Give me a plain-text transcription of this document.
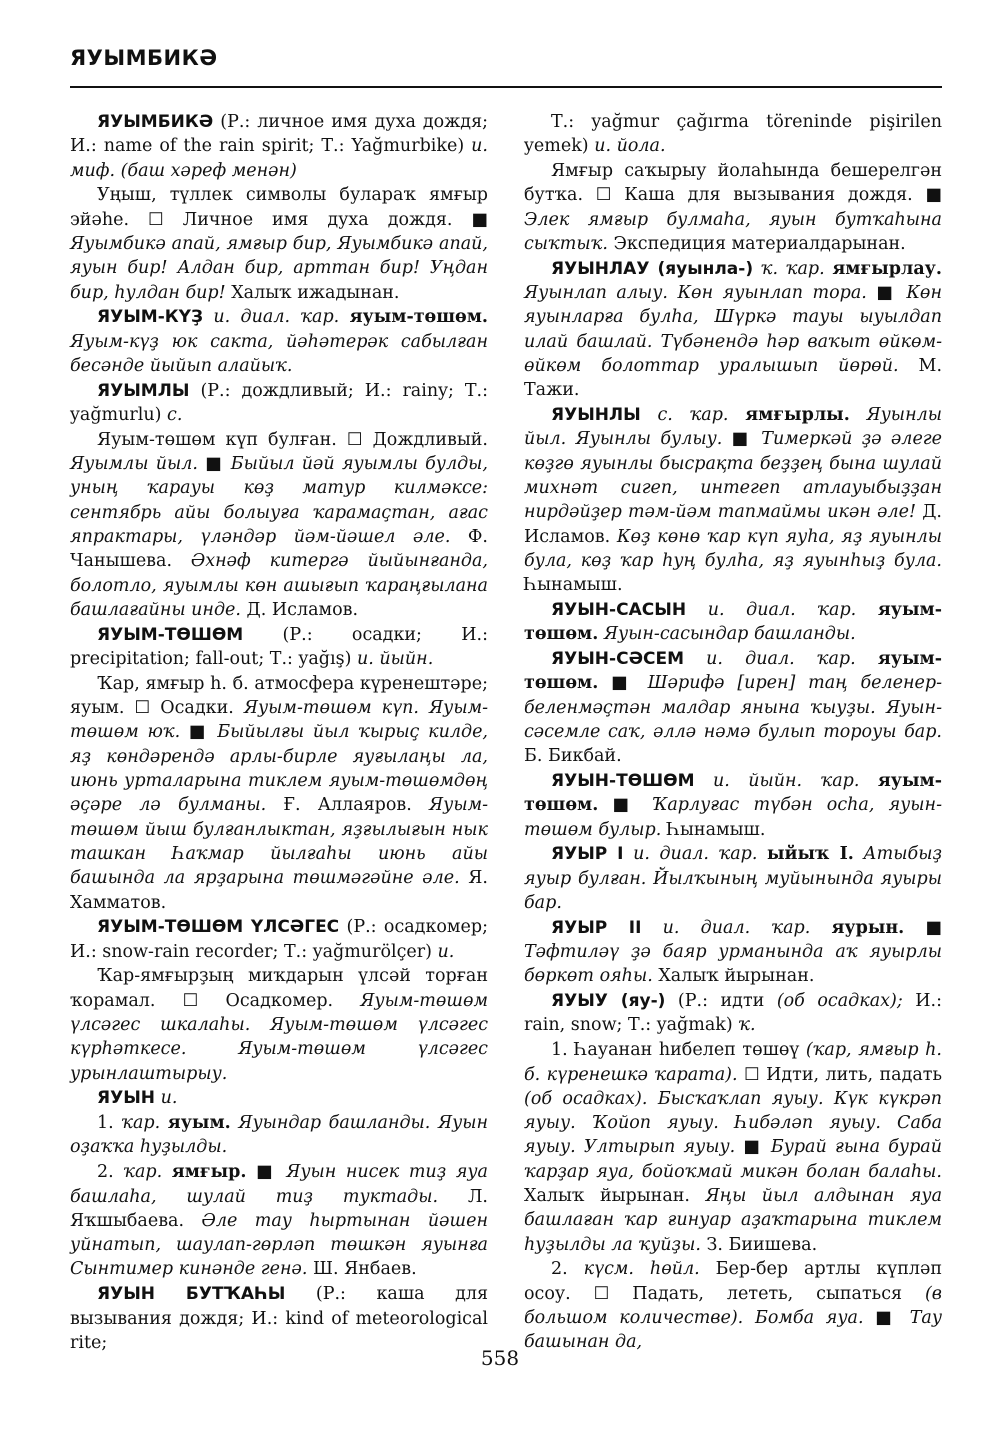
ЯУЫМБИКӘ

ЯУЫМБИКӘ (Р.: личное имя духа дождя; И.: name of the rain spirit; Т.: Yağmurbike) и. миф. (баш хәреф менән)

Уңыш, түллек символы булараҡ ямғыр эйәһе. ☐ Личное имя духа дождя. ■ Яуымбикә апай, ямғыр бир, Яуымбикә апай, яуын бир! Алдан бир, арттан бир! Уңдан бир, һулдан бир! Халыҡ ижадынан.

ЯУЫМ-КҮҘ и. диал. ҡар. яуым-төшөм. Яуым-күҙ юк сакта, йәһәтерәк сабылған бесәнде йыйып алайыҡ.

ЯУЫМЛЫ (Р.: дождливый; И.: rainy; Т.: yağmurlu) с.

Яуым-төшөм күп булған. ☐ Дождливый. Яуымлы йыл. ■ Быйыл йәй яуымлы булды, уның ҡарауы көҙ матур килмәксе: сентябрь айы болыуға ҡарамаҫтан, ағас япрактары, үләндәр йәм-йәшел әле. Ф. Чанышева. Әхнәф китергә йыйынғанда, болотло, яуымлы көн ашығып ҡараңғылана башлағайны инде. Д. Исламов.

ЯУЫМ-ТӨШӨМ (Р.: осадки; И.: precipitation; fall-out; Т.: yağış) и. йыйн.

Ҡар, ямғыр һ. б. атмосфера күренештәре; яуым. ☐ Осадки. Яуым-төшөм күп. Яуым-төшөм юҡ. ■ Быйылғы йыл ҡырыҫ килде, яҙ көндәрендә арлы-бирле яуғылаңы ла, июнь урталарына тиклем яуым-төшөмдөң әҫәре лә булманы. Ғ. Аллаяров. Яуым-төшөм йыш булғанлыктан, яҙғылығын нык ташкан Һаҡмар йылғаһы июнь айы башында ла ярҙарына төшмәгәйне әле. Я. Хамматов.

ЯУЫМ-ТӨШӨМ ҮЛСӘГЕС (Р.: осадкомер; И.: snow-rain recorder; Т.: yağmurölçer) и.

Ҡар-ямғырҙың миҡдарын үлсәй торған ҡорамал. ☐ Осадкомер. Яуым-төшөм үлсәгес шкалаһы. Яуым-төшөм үлсәгес күрһәткесе. Яуым-төшөм үлсәгес урынлаштырыу.

ЯУЫН и.

1. ҡар. яуым. Яуындар башланды. Яуын оҙаҡҡа һуҙылды.

2. ҡар. ямғыр. ■ Яуын нисек тиҙ яуа башлаһа, шулай тиҙ туктады. Л. Яҡшыбаева. Әле тау һыртынан йәшен уйнатып, шаулап-гөрләп төшкән яуынға Сынтимер кинәнде генә. Ш. Янбаев.

ЯУЫН БУТҠАҺЫ (Р.: каша для вызывания дождя; И.: kind of meteorological rite;

Т.: yağmur çağırma töreninde pişirilen yemek) и. йола.

Ямғыр саҡырыу йолаһында бешерелгән бутҡа. ☐ Каша для вызывания дождя. ■ Элек ямғыр булмаһа, яуын бутҡаһына сыҡтыҡ. Экспедиция материалдарынан.

ЯУЫНЛАУ (яуынла-) ҡ. ҡар. ямғырлау. Яуынлап алыу. Көн яуынлап тора. ■ Көн яуынларға булһа, Шүркә тауы ыуылдап илай башлай. Түбәнендә һәр ваҡыт өйкөм-өйкөм болоттар уралышып йөрөй. М. Тажи.

ЯУЫНЛЫ с. ҡар. ямғырлы. Яуынлы йыл. Яуынлы булыу. ■ Тимеркәй ҙә әлеге көҙгө яуынлы бысрақта беҙҙең бына шулай михнәт сигеп, интегеп атлауыбыҙҙан нирдәйҙер тәм-йәм тапмаймы икән әле! Д. Исламов. Көҙ көнө ҡар күп яуһа, яҙ яуынлы була, көҙ ҡар һуң булһа, яҙ яуынһыҙ була. Һынамыш.

ЯУЫН-САСЫН и. диал. ҡар. яуым-төшөм. Яуын-сасындар башланды.

ЯУЫН-СӘСЕМ и. диал. ҡар. яуым-төшөм. ■ Шәрифә [ирен] таң беленер-беленмәҫтән малдар янына ҡыуҙы. Яуын-сәсемле саҡ, әллә нәмә булып тороуы бар. Б. Бикбай.

ЯУЫН-ТӨШӨМ и. йыйн. ҡар. яуым-төшөм. ■ Ҡарлуғас түбән осһа, яуын-төшөм булыр. Һынамыш.

ЯУЫР I и. диал. ҡар. ыйыҡ I. Атыбыҙ яуыр булған. Йылҡының муйынында яуыры бар.

ЯУЫР II и. диал. ҡар. яурын. ■ Тәфтиләү ҙә баяр урманында аҡ яуырлы бөркөт ояһы. Халыҡ йырынан.

ЯУЫУ (яу-) (Р.: идти (об осадках); И.: rain, snow; Т.: yağmak) ҡ.

1. Һауанан һибелеп төшөү (ҡар, ямғыр һ. б. күренешкә ҡарата). ☐ Идти, лить, падать (об осадках). Бысҡаҡлап яуыу. Күк күкрәп яуыу. Ҡойоп яуыу. Һибәләп яуыу. Саба яуыу. Ултырып яуыу. ■ Бурай ғына бурай ҡарҙар яуа, бойоҡмай микән болан балаһы. Халыҡ йырынан. Яңы йыл алдынан яуа башлаған ҡар ғинуар аҙаҡтарына тиклем һуҙылды ла ҡуйҙы. З. Биишева.

2. күсм. һөйл. Бер-бер артлы күпләп осоу. ☐ Падать, лететь, сыпаться (в большом количестве). Бомба яуа. ■ Тау башынан да,

558
